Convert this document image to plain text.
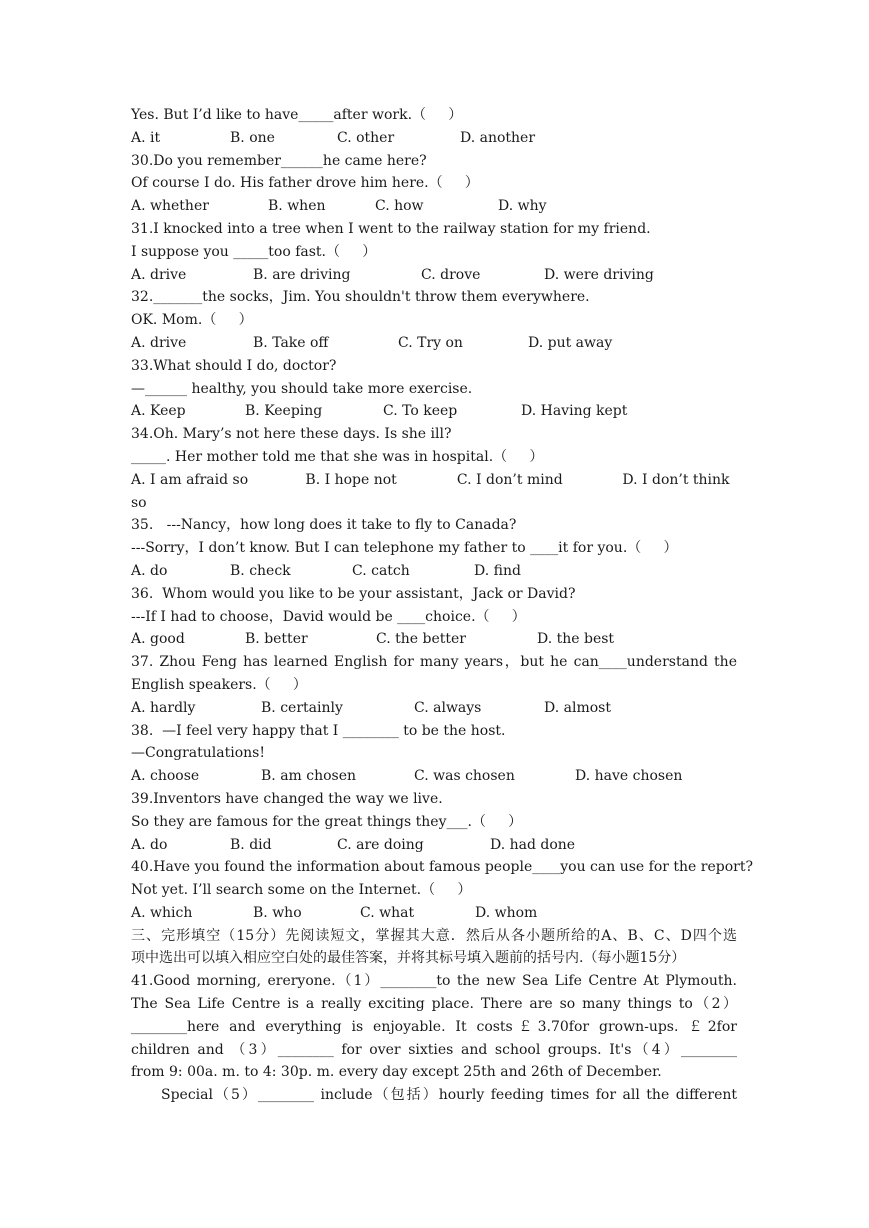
Yes. But I’d like to have_____after work.（     ）
A. it	B. one	C. other	D. another
30.Do you remember______he came here?
Of course I do. His father drove him here.（     ）
A. whether	B. when	C. how	D. why
31.I knocked into a tree when I went to the railway station for my friend.
I suppose you _____too fast.（     ）
A. drive	B. are driving	C. drove	D. were driving
32._______the socks，Jim. You shouldn't throw them everywhere.
OK. Mom.（     ）
A. drive	B. Take off	C. Try on	D. put away
33.What should I do, doctor?
—______ healthy, you should take more exercise.
A. Keep	B. Keeping	C. To keep	D. Having kept
34.Oh. Mary’s not here these days. Is she ill?
_____. Her mother told me that she was in hospital.（     ）
A. I am afraid so	B. I hope not	C. I don’t mind	D. I don’t think
so
35.   ---Nancy，how long does it take to fly to Canada?
---Sorry，I don’t know. But I can telephone my father to ____it for you.（     ）
A. do	B. check	C. catch	D. find
36.  Whom would you like to be your assistant，Jack or David?
---If I had to choose，David would be ____choice.（     ）
A. good	B. better	C. the better	D. the best
37. Zhou Feng has learned English for many years，but he can____understand the
English speakers.（     ）
A. hardly	B. certainly	C. always	D. almost
38.  —I feel very happy that I ________ to be the host.
—Congratulations!
A. choose	B. am chosen	C. was chosen	D. have chosen
39.Inventors have changed the way we live.
So they are famous for the great things they___.（     ）
A. do	B. did	C. are doing	D. had done
40.Have you found the information about famous people____you can use for the report?
Not yet. I’ll search some on the Internet.（     ）
A. which	B. who	C. what	D. whom
三、完形填空（15分）先阅读短文，掌握其大意．然后从各小题所给的A、B、C、D四个选
项中选出可以填入相应空白处的最佳答案，并将其标号填入题前的括号内.（每小题15分）
41.Good morning, ereryone.（1）________to the new Sea Life Centre At Plymouth.
The Sea Life Centre is a really exciting place. There are so many things to（2）
________here and everything is enjoyable. It costs￡3.70for grown-ups. ￡2for
children and （3）________ for over sixties and school groups. It's（4）________
from 9: 00a. m. to 4: 30p. m. every day except 25th and 26th of December.
Special（5）________ include（包括）hourly feeding times for all the different
